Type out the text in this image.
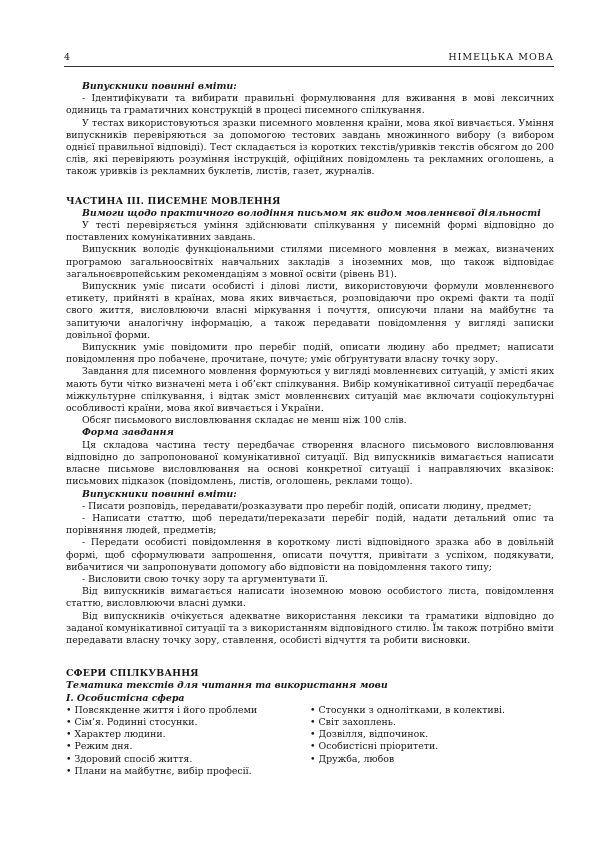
4	НІМЕЦЬКА МОВА

Випускники повинні вміти:

- Ідентифікувати та вибирати правильні формулювання для вживання в мові лексичних одиниць та граматичних конструкцій в процесі писемного спілкування.

У тестах використовуються зразки писемного мовлення країни, мова якої вивчається. Уміння випускників перевіряються за допомогою тестових завдань множинного вибору (з вибором однієї правильної відповіді). Тест складається із коротких текстів/уривків текстів обсягом до 200 слів, які перевіряють розуміння інструкцій, офіційних повідомлень та рекламних оголошень, а також уривків із рекламних буклетів, листів, газет, журналів.

ЧАСТИНА ІІІ. ПИСЕМНЕ МОВЛЕННЯ

Вимоги щодо практичного володіння письмом як видом мовленнєвої діяльності

У тесті перевіряється уміння здійснювати спілкування у писемній формі відповідно до поставлених комунікативних завдань.

Випускник володіє функціональними стилями писемного мовлення в межах, визначених програмою загальноосвітніх навчальних закладів з іноземних мов, що також відповідає загальноєвропейським рекомендаціям з мовної освіти (рівень B1).

Випускник уміє писати особисті і ділові листи, використовуючи формули мовленнєвого етикету, прийняті в країнах, мова яких вивчається, розповідаючи про окремі факти та події свого життя, висловлюючи власні міркування і почуття, описуючи плани на майбутнє та запитуючи аналогічну інформацію, а також передавати повідомлення у вигляді записки довільної форми.

Випускник уміє повідомити про перебіг подій, описати людину або предмет; написати повідомлення про побачене, прочитане, почуте; уміє обґрунтувати власну точку зору.

Завдання для писемного мовлення формуються у вигляді мовленнєвих ситуацій, у змісті яких мають бути чітко визначені мета і об’єкт спілкування. Вибір комунікативної ситуації передбачає міжкультурне спілкування, і відтак зміст мовленнєвих ситуацій має включати соціокультурні особливості країни, мова якої вивчається і України.

Обсяг письмового висловлювання складає не менш ніж 100 слів.

Форма завдання

Ця складова частина тесту передбачає створення власного письмового висловлювання відповідно до запропонованої комунікативної ситуації. Від випускників вимагається написати власне письмове висловлювання на основі конкретної ситуації і направляючих вказівок: письмових підказок (повідомлень, листів, оголошень, реклами тощо).

Випускники повинні вміти:

- Писати розповідь, передавати/розказувати про перебіг подій, описати людину, предмет;

- Написати статтю, щоб передати/переказати перебіг подій, надати детальний опис та порівняння людей, предметів;

- Передати особисті повідомлення в короткому листі відповідного зразка або в довільній формі, щоб сформулювати запрошення, описати почуття, привітати з успіхом, подякувати, вибачитися чи запропонувати допомогу або відповісти на повідомлення такого типу;

- Висловити свою точку зору та аргументувати її.

Від випускників вимагається написати іноземною мовою особистого листа, повідомлення статтю, висловлюючи власні думки.

Від випускників очікується адекватне використання лексики та граматики відповідно до заданої комунікативної ситуації та з використанням відповідного стилю. Їм також потрібно вміти передавати власну точку зору, ставлення, особисті відчуття та робити висновки.

СФЕРИ СПІЛКУВАННЯ

Тематика текстів для читання та використання мови

I. Особистісна сфера

• Повсякденне життя і його проблеми
• Сім’я. Родинні стосунки.
• Характер людини.
• Режим дня.
• Здоровий спосіб життя.
• Плани на майбутнє, вибір професії.
• Стосунки з однолітками, в колективі.
• Світ захоплень.
• Дозвілля, відпочинок.
• Особистісні пріоритети.
• Дружба, любов
